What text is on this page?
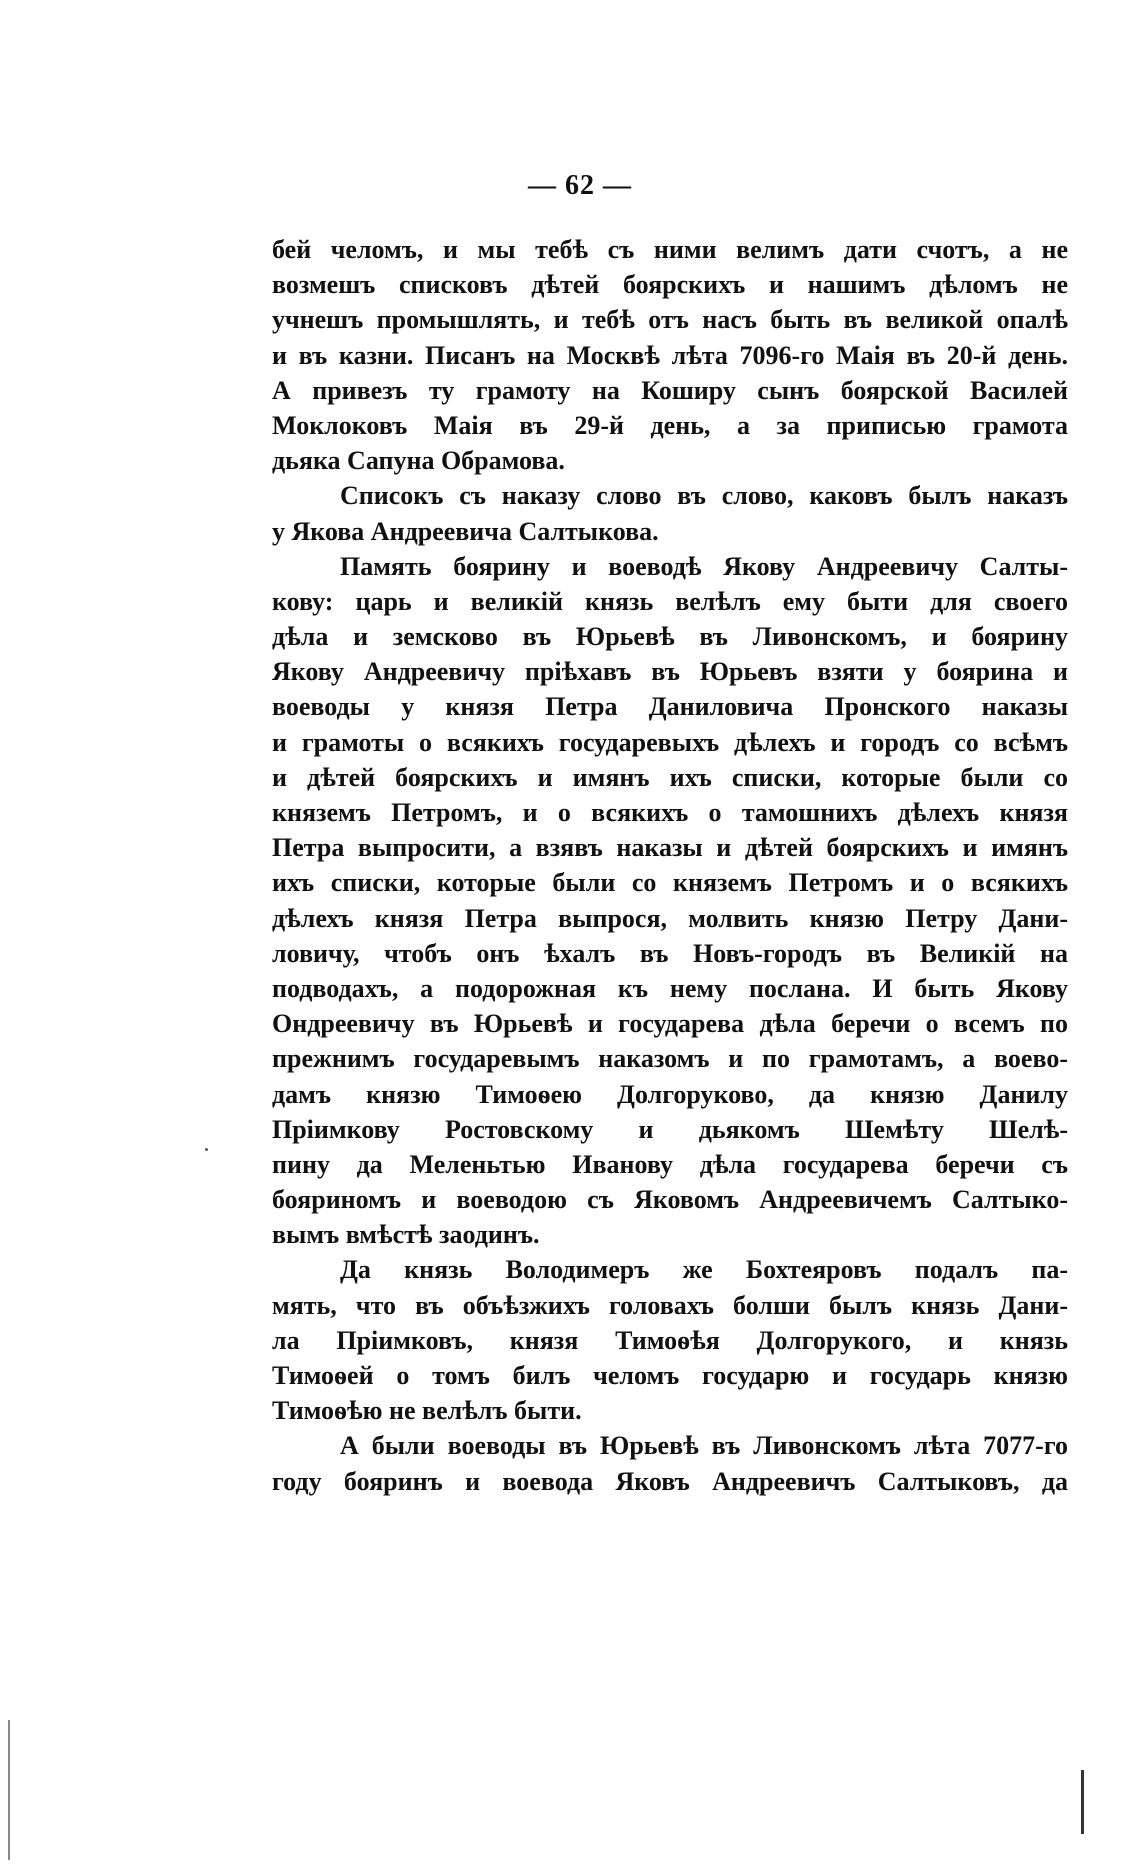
— 62 —
бей челомъ, и мы тебѣ съ ними велимъ дати счотъ, а не
возмешъ списковъ дѣтей боярскихъ и нашимъ дѣломъ не
учнешъ промышлять, и тебѣ отъ насъ быть въ великой опалѣ
и въ казни. Писанъ на Москвѣ лѣта 7096-го Маія въ 20-й день.
А привезъ ту грамоту на Коширу сынъ боярской Василей
Моклоковъ Маія въ 29-й день, а за приписью грамота
дьяка Сапуна Обрамова.
Списокъ съ наказу слово въ слово, каковъ былъ наказъ
у Якова Андреевича Салтыкова.
Память боярину и воеводѣ Якову Андреевичу Салты-
кову: царь и великій князь велѣлъ ему быти для своего
дѣла и земсково въ Юрьевѣ въ Ливонскомъ, и боярину
Якову Андреевичу пріѣхавъ въ Юрьевъ взяти у боярина и
воеводы у князя Петра Даниловича Пронского наказы
и грамоты о всякихъ государевыхъ дѣлехъ и городъ со всѣмъ
и дѣтей боярскихъ и имянъ ихъ списки, которые были со
княземъ Петромъ, и о всякихъ о тамошнихъ дѣлехъ князя
Петра выпросити, а взявъ наказы и дѣтей боярскихъ и имянъ
ихъ списки, которые были со княземъ Петромъ и о всякихъ
дѣлехъ князя Петра выпрося, молвить князю Петру Дани-
ловичу, чтобъ онъ ѣхалъ въ Новъ-городъ въ Великій на
подводахъ, а подорожная къ нему послана. И быть Якову
Ондреевичу въ Юрьевѣ и государева дѣла беречи о всемъ по
прежнимъ государевымъ наказомъ и по грамотамъ, а воево-
дамъ князю Тимоѳею Долгоруково, да князю Данилу
Пріимкову Ростовскому и дьякомъ Шемѣту Шелѣ-
пину да Меленьтью Иванову дѣла государева беречи съ
бояриномъ и воеводою съ Яковомъ Андреевичемъ Салтыко-
вымъ вмѣстѣ заодинъ.
Да князь Володимеръ же Бохтеяровъ подалъ па-
мять, что въ объѣзжихъ головахъ болши былъ князь Дани-
ла Пріимковъ, князя Тимоѳѣя Долгорукого, и князь
Тимоѳей о томъ билъ челомъ государю и государь князю
Тимоѳѣю не велѣлъ быти.
А были воеводы въ Юрьевѣ въ Ливонскомъ лѣта 7077-го
году бояринъ и воевода Яковъ Андреевичъ Салтыковъ, да
